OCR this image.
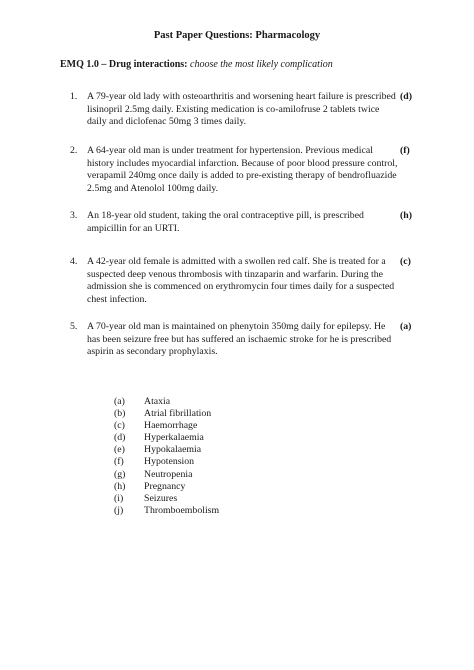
Past Paper Questions: Pharmacology
EMQ 1.0 – Drug interactions: choose the most likely complication
1. A 79-year old lady with osteoarthritis and worsening heart failure is prescribed lisinopril 2.5mg daily. Existing medication is co-amilofruse 2 tablets twice daily and diclofenac 50mg 3 times daily.
(d)
2. A 64-year old man is under treatment for hypertension. Previous medical history includes myocardial infarction. Because of poor blood pressure control, verapamil 240mg once daily is added to pre-existing therapy of bendrofluazide 2.5mg and Atenolol 100mg daily.
(f)
3. An 18-year old student, taking the oral contraceptive pill, is prescribed ampicillin for an URTI.
(h)
4. A 42-year old female is admitted with a swollen red calf. She is treated for a suspected deep venous thrombosis with tinzaparin and warfarin. During the admission she is commenced on erythromycin four times daily for a suspected chest infection.
(c)
5. A 70-year old man is maintained on phenytoin 350mg daily for epilepsy. He has been seizure free but has suffered an ischaemic stroke for he is prescribed aspirin as secondary prophylaxis.
(a)
(a) Ataxia
(b) Atrial fibrillation
(c) Haemorrhage
(d) Hyperkalaemia
(e) Hypokalaemia
(f) Hypotension
(g) Neutropenia
(h) Pregnancy
(i) Seizures
(j) Thromboembolism
